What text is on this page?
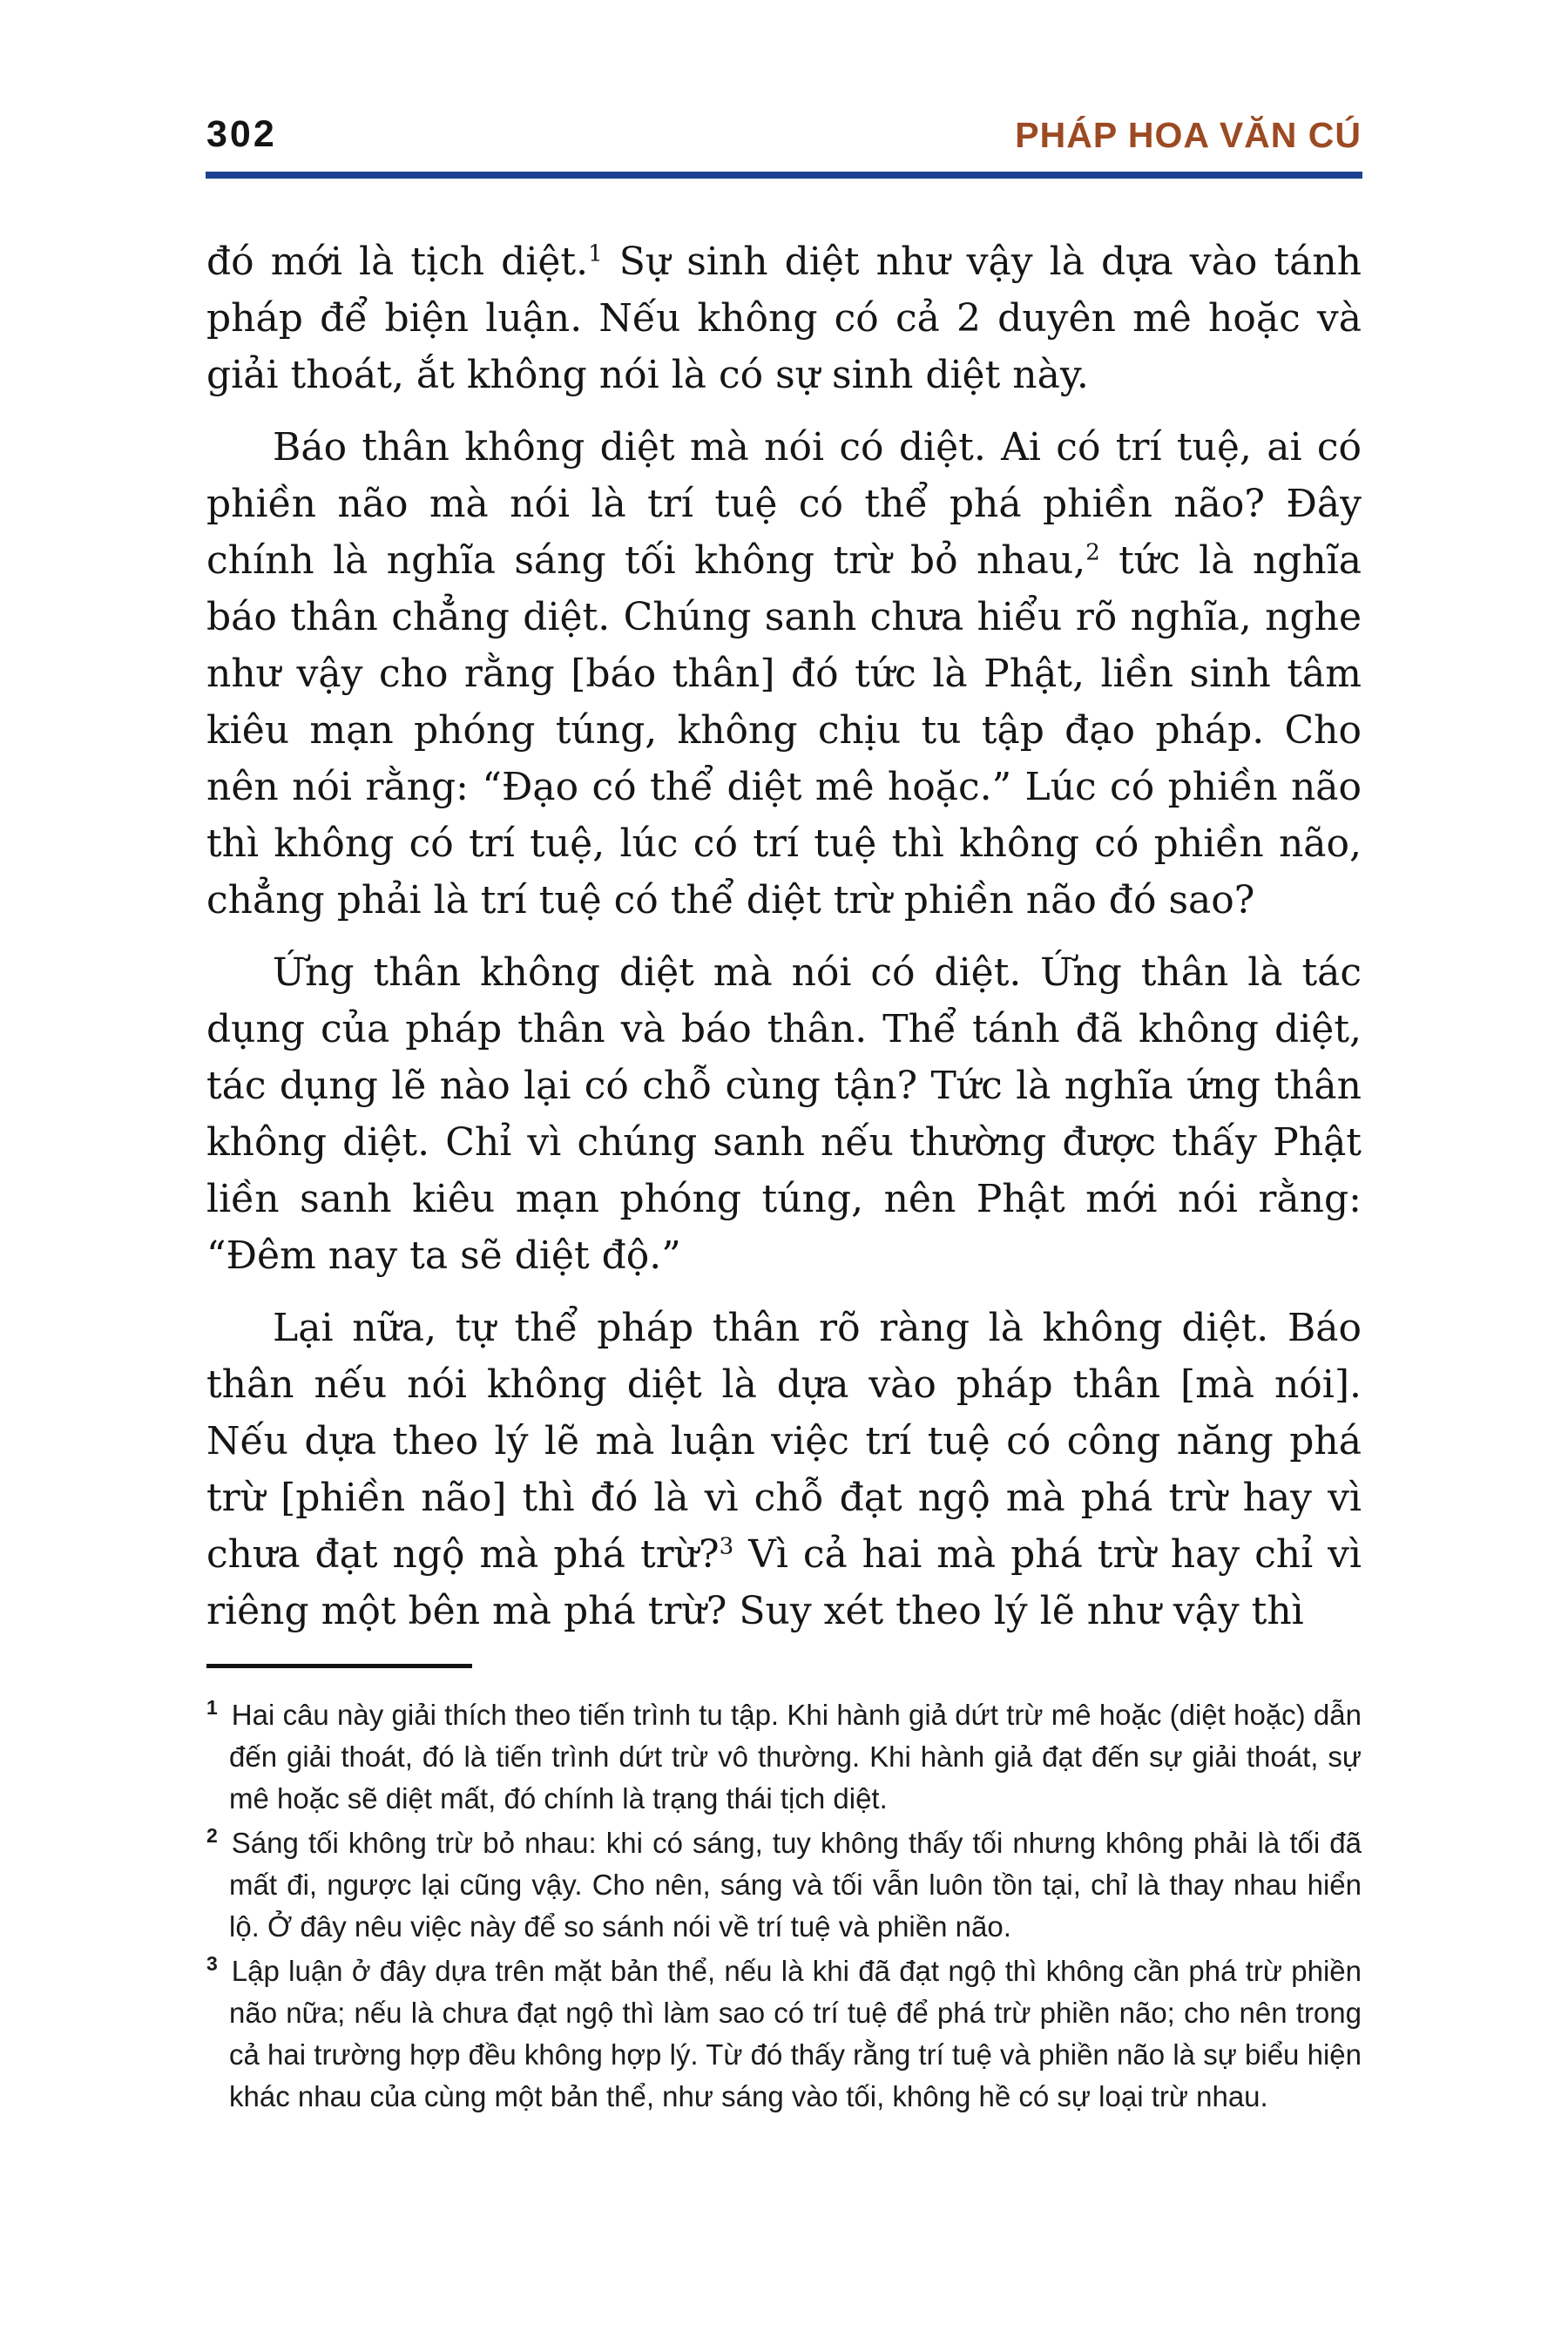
302	PHÁP HOA VĂN CÚ

đó mới là tịch diệt.$^1$ Sự sinh diệt như vậy là dựa vào tánh pháp để biện luận. Nếu không có cả 2 duyên mê hoặc và giải thoát, ắt không nói là có sự sinh diệt này.

Báo thân không diệt mà nói có diệt. Ai có trí tuệ, ai có phiền não mà nói là trí tuệ có thể phá phiền não? Đây chính là nghĩa sáng tối không trừ bỏ nhau,$^2$ tức là nghĩa báo thân chẳng diệt. Chúng sanh chưa hiểu rõ nghĩa, nghe như vậy cho rằng [báo thân] đó tức là Phật, liền sinh tâm kiêu mạn phóng túng, không chịu tu tập đạo pháp. Cho nên nói rằng: “Đạo có thể diệt mê hoặc.” Lúc có phiền não thì không có trí tuệ, lúc có trí tuệ thì không có phiền não, chẳng phải là trí tuệ có thể diệt trừ phiền não đó sao?

Ứng thân không diệt mà nói có diệt. Ứng thân là tác dụng của pháp thân và báo thân. Thể tánh đã không diệt, tác dụng lẽ nào lại có chỗ cùng tận? Tức là nghĩa ứng thân không diệt. Chỉ vì chúng sanh nếu thường được thấy Phật liền sanh kiêu mạn phóng túng, nên Phật mới nói rằng: “Đêm nay ta sẽ diệt độ.”

Lại nữa, tự thể pháp thân rõ ràng là không diệt. Báo thân nếu nói không diệt là dựa vào pháp thân [mà nói]. Nếu dựa theo lý lẽ mà luận việc trí tuệ có công năng phá trừ [phiền não] thì đó là vì chỗ đạt ngộ mà phá trừ hay vì chưa đạt ngộ mà phá trừ?$^3$ Vì cả hai mà phá trừ hay chỉ vì riêng một bên mà phá trừ? Suy xét theo lý lẽ như vậy thì

$^1$ Hai câu này giải thích theo tiến trình tu tập. Khi hành giả dứt trừ mê hoặc (diệt hoặc) dẫn đến giải thoát, đó là tiến trình dứt trừ vô thường. Khi hành giả đạt đến sự giải thoát, sự mê hoặc sẽ diệt mất, đó chính là trạng thái tịch diệt.
$^2$ Sáng tối không trừ bỏ nhau: khi có sáng, tuy không thấy tối nhưng không phải là tối đã mất đi, ngược lại cũng vậy. Cho nên, sáng và tối vẫn luôn tồn tại, chỉ là thay nhau hiển lộ. Ở đây nêu việc này để so sánh nói về trí tuệ và phiền não.
$^3$ Lập luận ở đây dựa trên mặt bản thể, nếu là khi đã đạt ngộ thì không cần phá trừ phiền não nữa; nếu là chưa đạt ngộ thì làm sao có trí tuệ để phá trừ phiền não; cho nên trong cả hai trường hợp đều không hợp lý. Từ đó thấy rằng trí tuệ và phiền não là sự biểu hiện khác nhau của cùng một bản thể, như sáng vào tối, không hề có sự loại trừ nhau.
